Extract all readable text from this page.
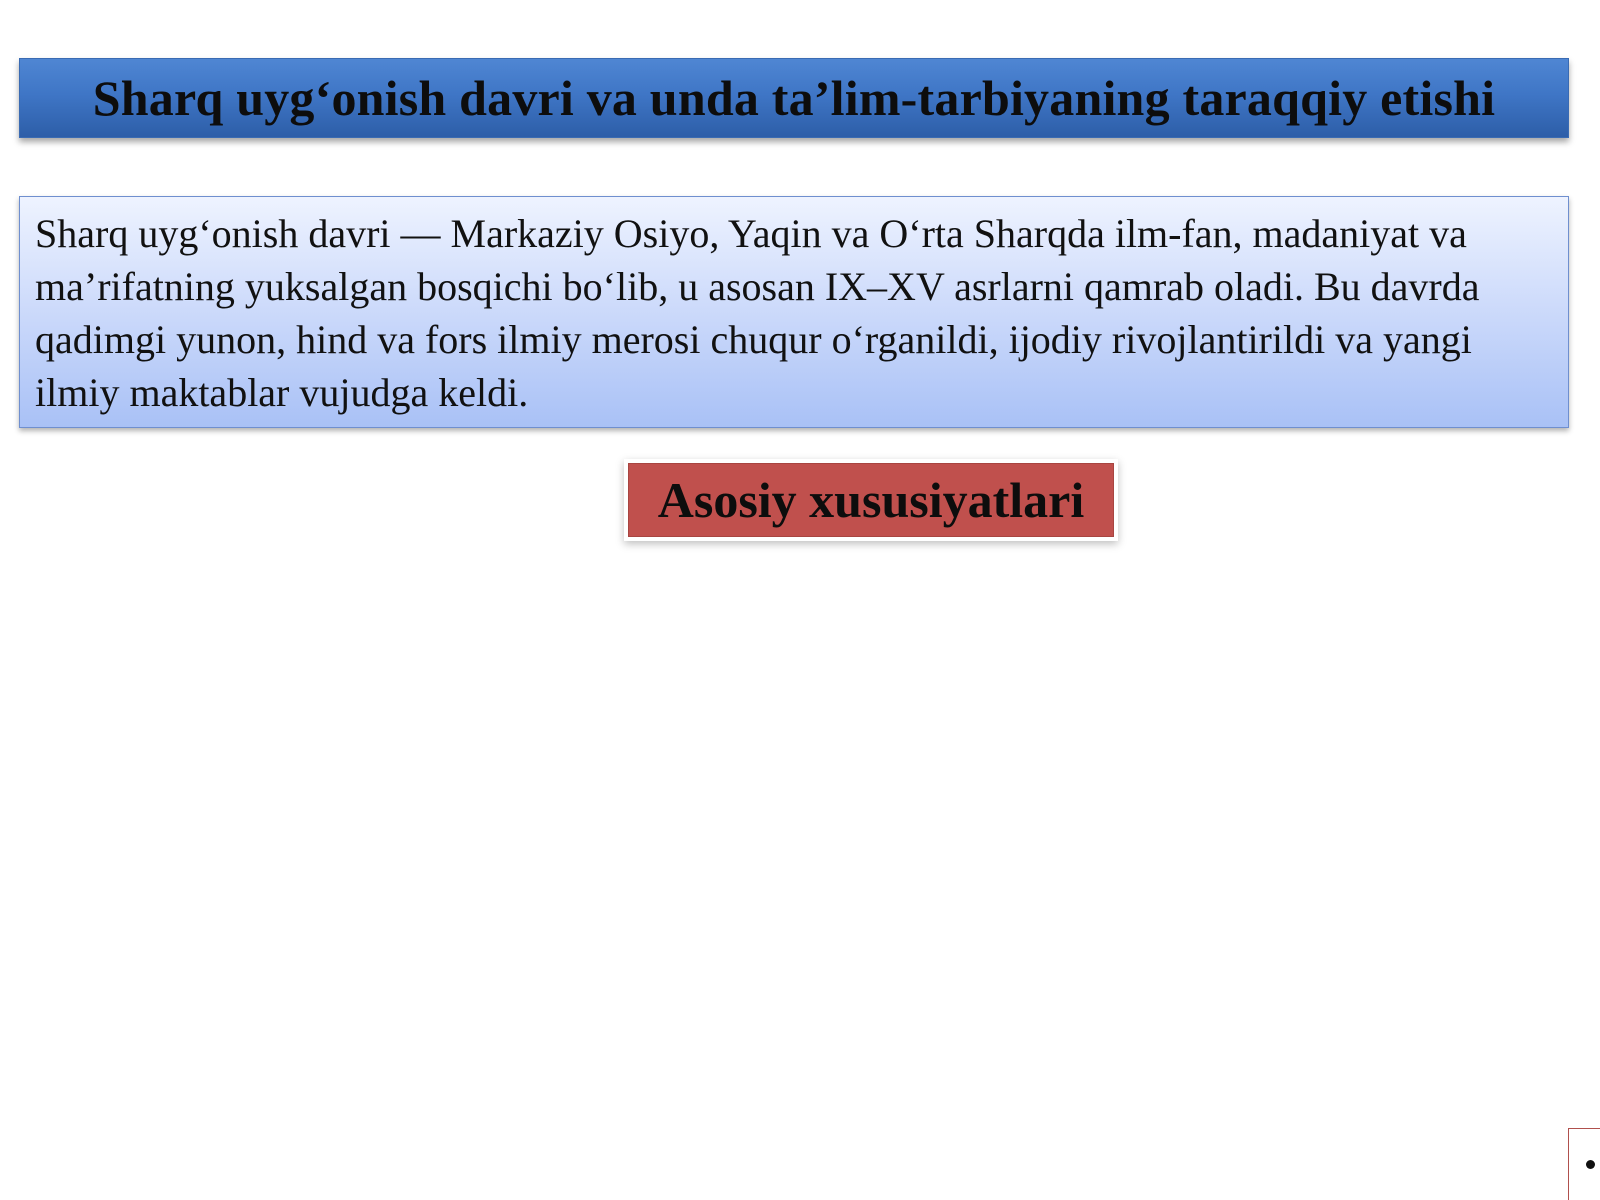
Sharq uyg‘onish davri va unda ta’lim-tarbiyaning taraqqiy etishi

Sharq uyg‘onish davri — Markaziy Osiyo, Yaqin va O‘rta Sharqda ilm-fan, madaniyat va ma’rifatning yuksalgan bosqichi bo‘lib, u asosan IX–XV asrlarni qamrab oladi. Bu davrda qadimgi yunon, hind va fors ilmiy merosi chuqur o‘rganildi, ijodiy rivojlantirildi va yangi ilmiy maktablar vujudga keldi.

Asosiy xususiyatlari
